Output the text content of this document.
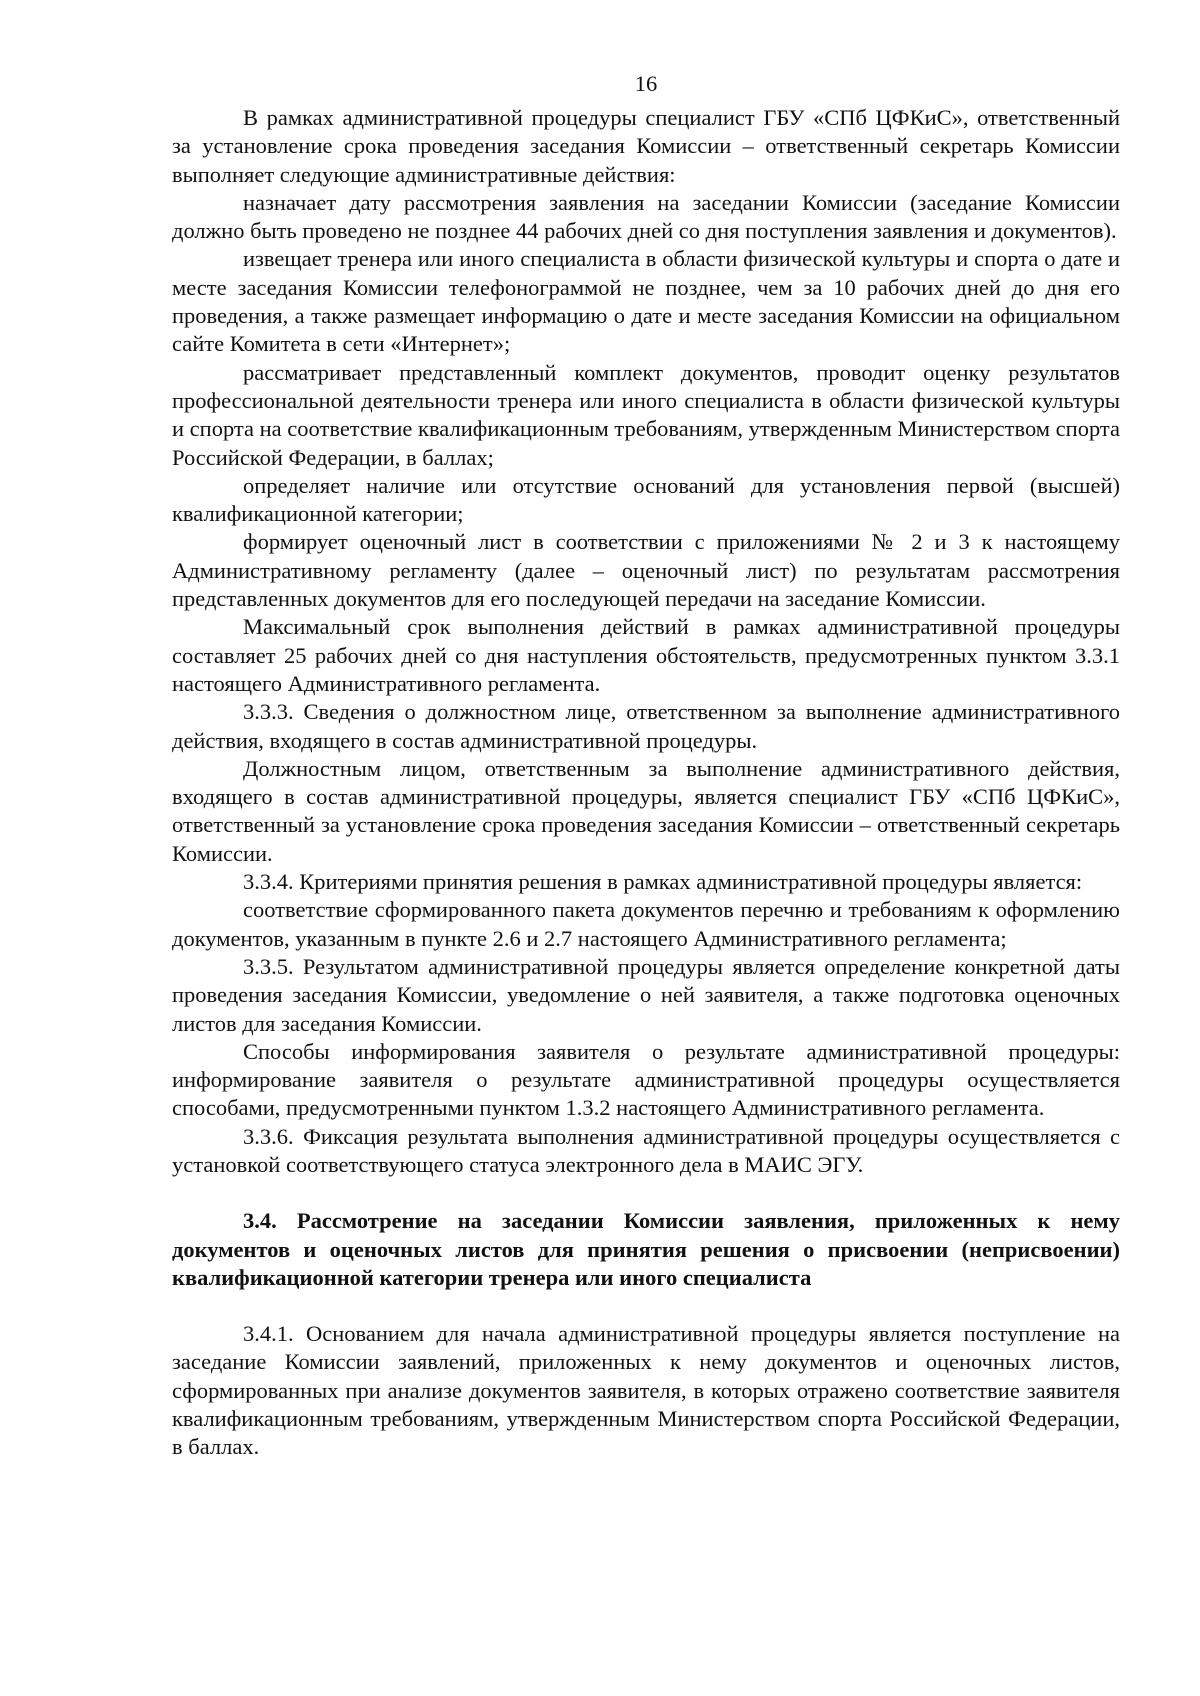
16

В рамках административной процедуры специалист ГБУ «СПб ЦФКиС», ответственный за установление срока проведения заседания Комиссии – ответственный секретарь Комиссии выполняет следующие административные действия:

назначает дату рассмотрения заявления на заседании Комиссии (заседание Комиссии должно быть проведено не позднее 44 рабочих дней со дня поступления заявления и документов).

извещает тренера или иного специалиста в области физической культуры и спорта о дате и месте заседания Комиссии телефонограммой не позднее, чем за 10 рабочих дней до дня его проведения, а также размещает информацию о дате и месте заседания Комиссии на официальном сайте Комитета в сети «Интернет»;

рассматривает представленный комплект документов, проводит оценку результатов профессиональной деятельности тренера или иного специалиста в области физической культуры и спорта на соответствие квалификационным требованиям, утвержденным Министерством спорта Российской Федерации, в баллах;

определяет наличие или отсутствие оснований для установления первой (высшей) квалификационной категории;

формирует оценочный лист в соответствии с приложениями № 2 и 3 к настоящему Административному регламенту (далее – оценочный лист) по результатам рассмотрения представленных документов для его последующей передачи на заседание Комиссии.

Максимальный срок выполнения действий в рамках административной процедуры составляет 25 рабочих дней со дня наступления обстоятельств, предусмотренных пунктом 3.3.1 настоящего Административного регламента.

3.3.3. Сведения о должностном лице, ответственном за выполнение административного действия, входящего в состав административной процедуры.

Должностным лицом, ответственным за выполнение административного действия, входящего в состав административной процедуры, является специалист ГБУ «СПб ЦФКиС», ответственный за установление срока проведения заседания Комиссии – ответственный секретарь Комиссии.

3.3.4. Критериями принятия решения в рамках административной процедуры является:

соответствие сформированного пакета документов перечню и требованиям к оформлению документов, указанным в пункте 2.6 и 2.7 настоящего Административного регламента;

3.3.5. Результатом административной процедуры является определение конкретной даты проведения заседания Комиссии, уведомление о ней заявителя, а также подготовка оценочных листов для заседания Комиссии.

Способы информирования заявителя о результате административной процедуры: информирование заявителя о результате административной процедуры осуществляется способами, предусмотренными пунктом 1.3.2 настоящего Административного регламента.

3.3.6. Фиксация результата выполнения административной процедуры осуществляется с установкой соответствующего статуса электронного дела в МАИС ЭГУ.

3.4. Рассмотрение на заседании Комиссии заявления, приложенных к нему документов и оценочных листов для принятия решения о присвоении (неприсвоении) квалификационной категории тренера или иного специалиста

3.4.1. Основанием для начала административной процедуры является поступление на заседание Комиссии заявлений, приложенных к нему документов и оценочных листов, сформированных при анализе документов заявителя, в которых отражено соответствие заявителя квалификационным требованиям, утвержденным Министерством спорта Российской Федерации, в баллах.
